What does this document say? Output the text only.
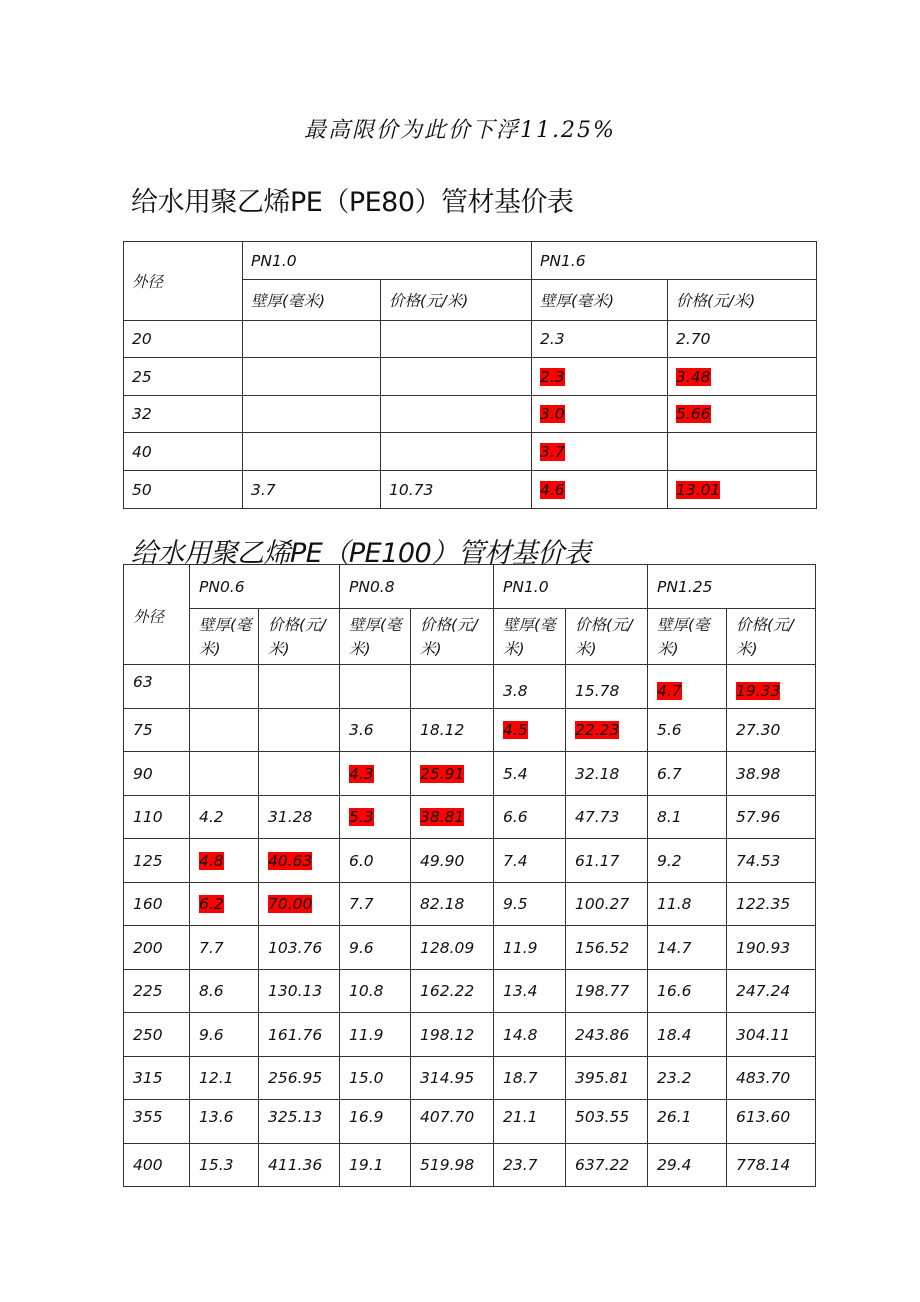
最高限价为此价下浮11.25%
给水用聚乙烯PE（PE80）管材基价表
外径	PN1.0		PN1.6	
	壁厚(毫米)	价格(元/米)	壁厚(毫米)	价格(元/米)
20			2.3	2.70
25			2.3	3.48
32			3.0	5.66
40			3.7	
50	3.7	10.73	4.6	13.01
给水用聚乙烯PE（PE100）管材基价表
外径	PN0.6		PN0.8		PN1.0		PN1.25	
	壁厚(毫米)	价格(元/米)	壁厚(毫米)	价格(元/米)	壁厚(毫米)	价格(元/米)	壁厚(毫米)	价格(元/米)
63					3.8	15.78	4.7	19.33
75			3.6	18.12	4.5	22.23	5.6	27.30
90			4.3	25.91	5.4	32.18	6.7	38.98
110	4.2	31.28	5.3	38.81	6.6	47.73	8.1	57.96
125	4.8	40.63	6.0	49.90	7.4	61.17	9.2	74.53
160	6.2	70.00	7.7	82.18	9.5	100.27	11.8	122.35
200	7.7	103.76	9.6	128.09	11.9	156.52	14.7	190.93
225	8.6	130.13	10.8	162.22	13.4	198.77	16.6	247.24
250	9.6	161.76	11.9	198.12	14.8	243.86	18.4	304.11
315	12.1	256.95	15.0	314.95	18.7	395.81	23.2	483.70
355	13.6	325.13	16.9	407.70	21.1	503.55	26.1	613.60
400	15.3	411.36	19.1	519.98	23.7	637.22	29.4	778.14
